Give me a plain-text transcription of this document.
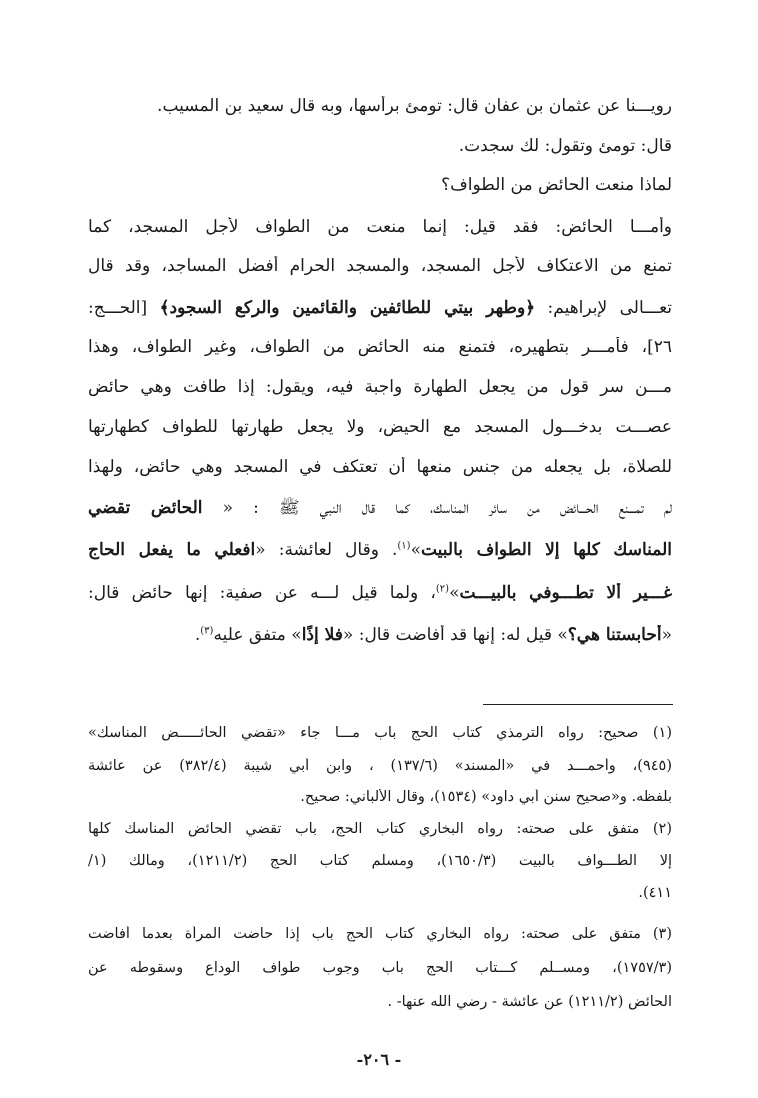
رويـــنا عن عثمان بن عفان قال: تومئ برأسها، وبه قال سعيد بن المسيب.
قال: تومئ وتقول: لك سجدت.
لماذا منعت الحائض من الطواف؟
وأمـــا الحائض: فقد قيل: إنما منعت من الطواف لأجل المسجد، كما
تمنع من الاعتكاف لأجل المسجد، والمسجد الحرام أفضل المساجد، وقد قال
تعـــالى لإبراهيم: ﴿وطهر بيتي للطائفين والقائمين والركع السجود﴾ [الحـــج:
٢٦]، فأمـــر بتطهيره، فتمنع منه الحائض من الطواف، وغير الطواف، وهذا
مـــن سر قول من يجعل الطهارة واجبة فيه، ويقول: إذا طافت وهي حائض
عصـــت بدخـــول المسجد مع الحيض، ولا يجعل طهارتها للطواف كطهارتها
للصلاة، بل يجعله من جنس منعها أن تعتكف في المسجد وهي حائض، ولهذا
لم تمـــنع الحـــائض من سائر المناسك، كما قال النبي ﷺ : « الحائض تقضي
المناسك كلها إلا الطواف بالبيت»$^{(١)}$. وقال لعائشة: «افعلي ما يفعل الحاج
غـــير ألا تطـــوفي بالبيـــت»$^{(٢)}$، ولما قيل لـــه عن صفية: إنها حائض قال:
«أحابستنا هي؟» قيل له: إنها قد أفاضت قال: «فلا إذًا» متفق عليه$^{(٣)}$.
(١) صحيح: رواه الترمذي كتاب الحج باب مـــا جاء «تقضي الحائـــــض المناسك»
(٩٤٥)، وأحمـــد في «المسند» (١٣٧/٦) ، وابن أبي شيبة (٣٨٢/٤) عن عائشة
بلفظه. و«صحيح سنن أبي داود» (١٥٣٤)، وقال الألباني: صحيح.
(٢) متفق على صحته: رواه البخاري كتاب الحج، باب تقضي الحائض المناسك كلها
إلا الطـــواف بالبيت (١٦٥٠/٣)، ومسلم كتاب الحج (١٢١١/٢)، ومالك (١/
٤١١).
(٣) متفق على صحته: رواه البخاري كتاب الحج باب إذا حاضت المرأة بعدما أفاضت
(١٧٥٧/٣)، ومســلم كـــتاب الحج باب وجوب طواف الوداع وسقوطه عن
الحائض (١٢١١/٢) عن عائشة - رضي الله عنها- .
- ٢٠٦-
